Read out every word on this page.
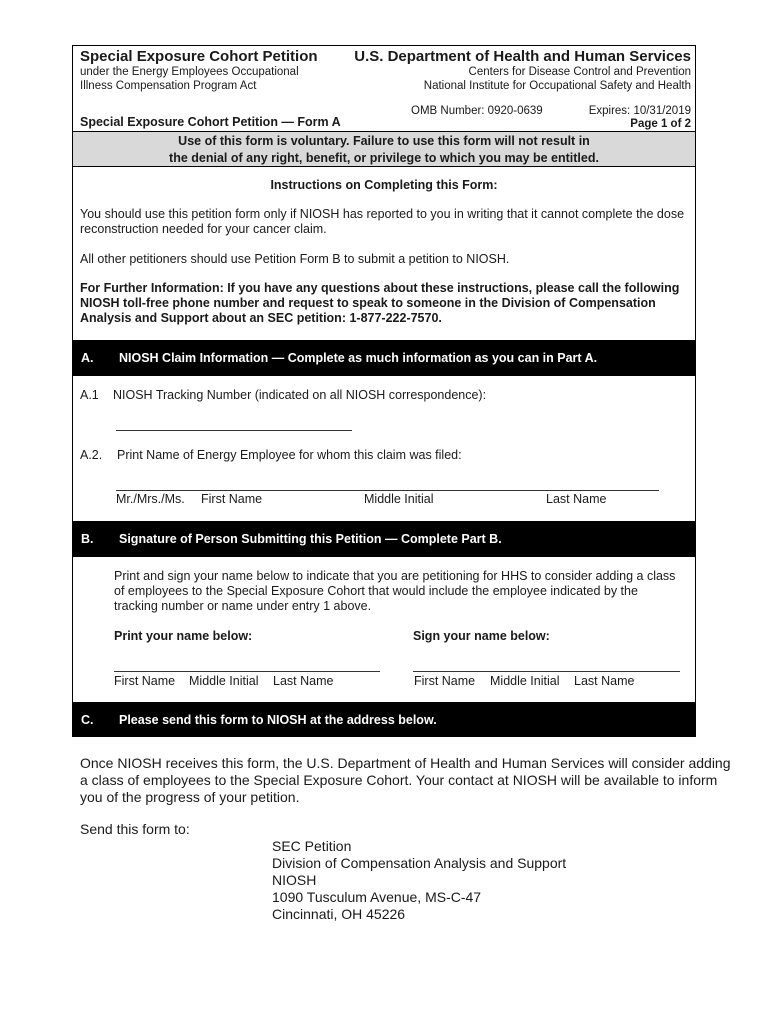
Special Exposure Cohort Petition
under the Energy Employees Occupational
Illness Compensation Program Act
Special Exposure Cohort Petition — Form A
U.S. Department of Health and Human Services
Centers for Disease Control and Prevention
National Institute for Occupational Safety and Health
OMB Number: 0920-0639	Expires: 10/31/2019
Page 1 of 2
Use of this form is voluntary. Failure to use this form will not result in
the denial of any right, benefit, or privilege to which you may be entitled.
Instructions on Completing this Form:
You should use this petition form only if NIOSH has reported to you in writing that it cannot complete the dose
reconstruction needed for your cancer claim.
All other petitioners should use Petition Form B to submit a petition to NIOSH.
For Further Information: If you have any questions about these instructions, please call the following
NIOSH toll-free phone number and request to speak to someone in the Division of Compensation
Analysis and Support about an SEC petition: 1-877-222-7570.
A. NIOSH Claim Information — Complete as much information as you can in Part A.
A.1 NIOSH Tracking Number (indicated on all NIOSH correspondence):
A.2. Print Name of Energy Employee for whom this claim was filed:
Mr./Mrs./Ms. First Name	Middle Initial	Last Name
B. Signature of Person Submitting this Petition — Complete Part B.
Print and sign your name below to indicate that you are petitioning for HHS to consider adding a class
of employees to the Special Exposure Cohort that would include the employee indicated by the
tracking number or name under entry 1 above.
Print your name below:	Sign your name below:
First Name Middle Initial Last Name	First Name Middle Initial Last Name
C. Please send this form to NIOSH at the address below.
Once NIOSH receives this form, the U.S. Department of Health and Human Services will consider adding
a class of employees to the Special Exposure Cohort. Your contact at NIOSH will be available to inform
you of the progress of your petition.
Send this form to:
SEC Petition
Division of Compensation Analysis and Support
NIOSH
1090 Tusculum Avenue, MS-C-47
Cincinnati, OH 45226
